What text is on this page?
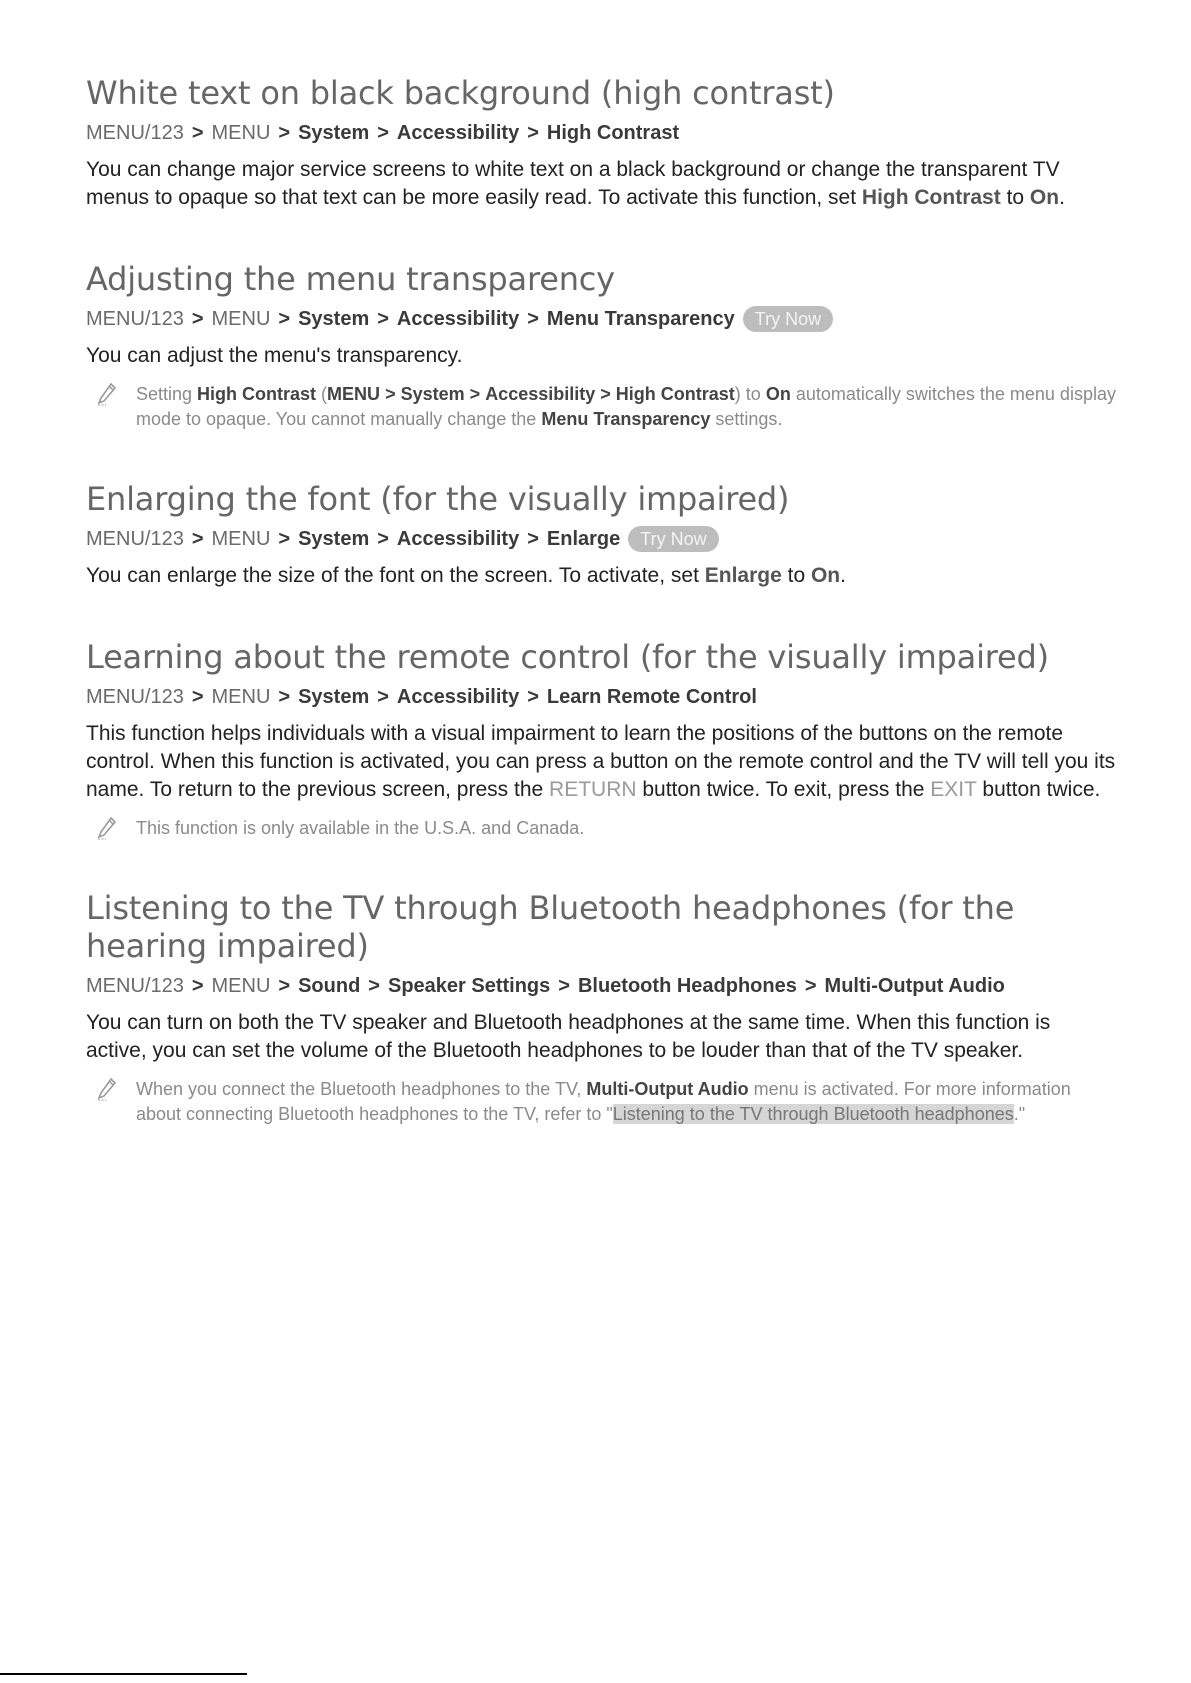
White text on black background (high contrast)
MENU/123 > MENU > System > Accessibility > High Contrast

You can change major service screens to white text on a black background or change the transparent TV menus to opaque so that text can be more easily read. To activate this function, set High Contrast to On.

Adjusting the menu transparency
MENU/123 > MENU > System > Accessibility > Menu Transparency	Try Now

You can adjust the menu's transparency.

Setting High Contrast (MENU > System > Accessibility > High Contrast) to On automatically switches the menu display mode to opaque. You cannot manually change the Menu Transparency settings.
Enlarging the font (for the visually impaired)
MENU/123 > MENU > System > Accessibility > Enlarge	Try Now

You can enlarge the size of the font on the screen. To activate, set Enlarge to On.

Learning about the remote control (for the visually impaired)
MENU/123 > MENU > System > Accessibility > Learn Remote Control

This function helps individuals with a visual impairment to learn the positions of the buttons on the remote control. When this function is activated, you can press a button on the remote control and the TV will tell you its name. To return to the previous screen, press the RETURN button twice. To exit, press the EXIT button twice.

This function is only available in the U.S.A. and Canada.
Listening to the TV through Bluetooth headphones (for the hearing impaired)
MENU/123 > MENU > Sound > Speaker Settings > Bluetooth Headphones > Multi-Output Audio

You can turn on both the TV speaker and Bluetooth headphones at the same time. When this function is active, you can set the volume of the Bluetooth headphones to be louder than that of the TV speaker.

When you connect the Bluetooth headphones to the TV, Multi-Output Audio menu is activated. For more information about connecting Bluetooth headphones to the TV, refer to "Listening to the TV through Bluetooth headphones."
